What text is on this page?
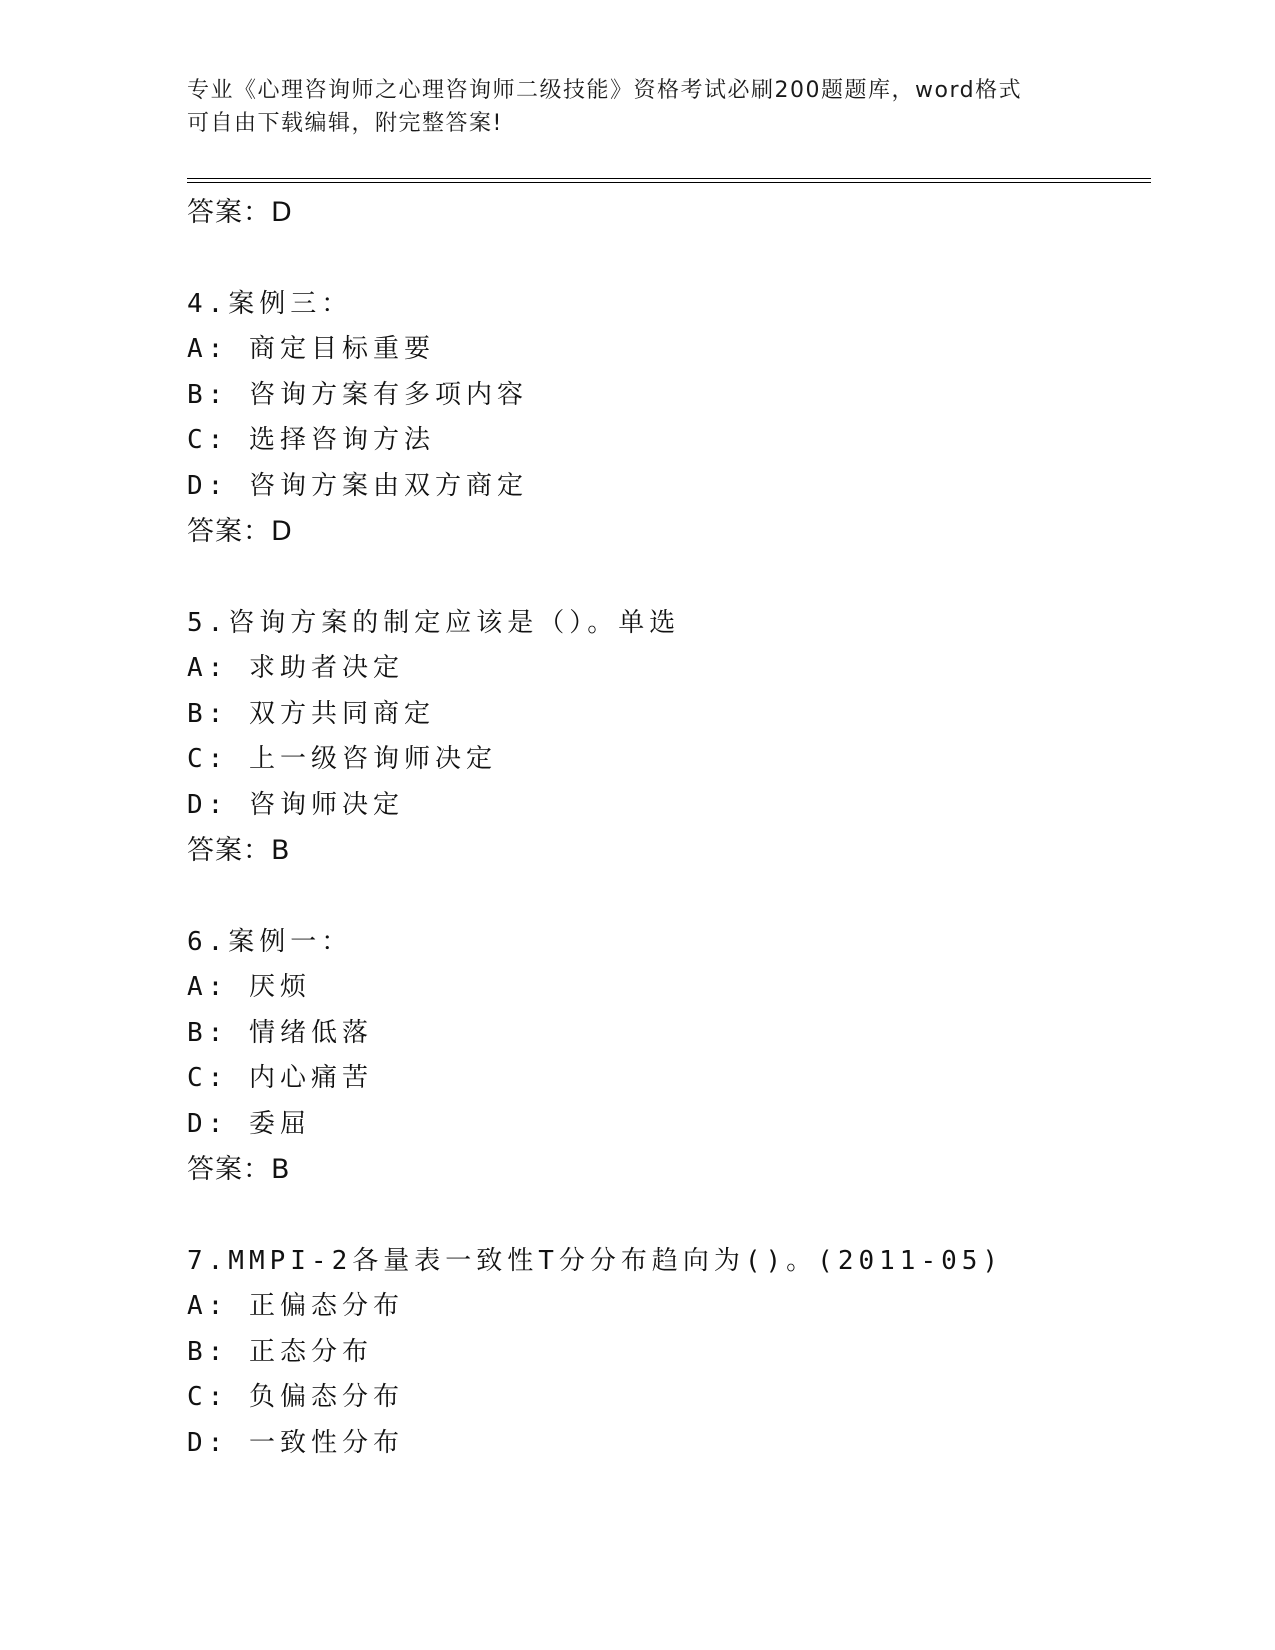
专业《心理咨询师之心理咨询师二级技能》资格考试必刷200题题库，word格式
可自由下载编辑，附完整答案!
答案：D
4.案例三：
A: 商定目标重要
B: 咨询方案有多项内容
C: 选择咨询方法
D: 咨询方案由双方商定
答案：D
5.咨询方案的制定应该是（）。单选
A: 求助者决定
B: 双方共同商定
C: 上一级咨询师决定
D: 咨询师决定
答案：B
6.案例一：
A: 厌烦
B: 情绪低落
C: 内心痛苦
D: 委屈
答案：B
7.MMPI-2各量表一致性T分分布趋向为()。(2011-05)
A: 正偏态分布
B: 正态分布
C: 负偏态分布
D: 一致性分布
